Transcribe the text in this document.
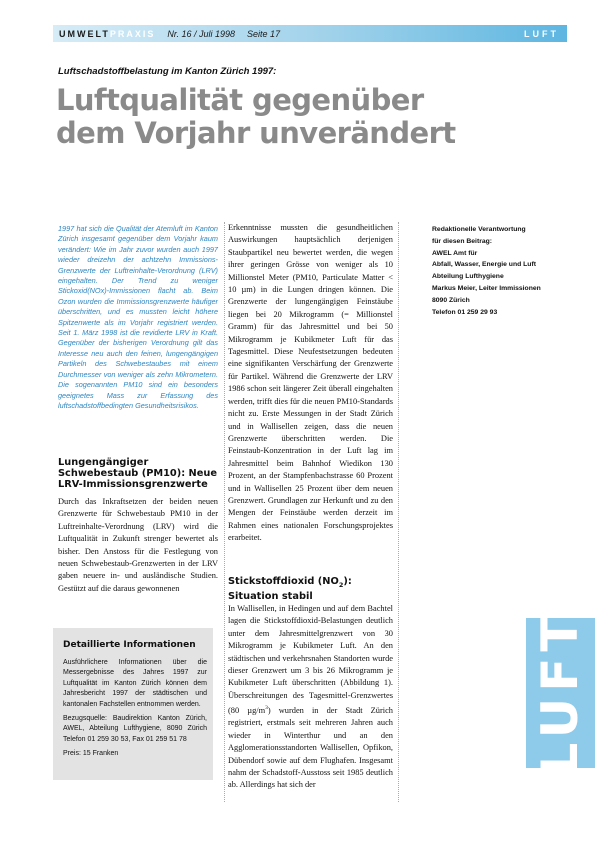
UMWELT PRAXIS Nr. 16 / Juli 1998 Seite 17	LUFT
Luftschadstoffbelastung im Kanton Zürich 1997:
Luftqualität gegenüber
dem Vorjahr unverändert
1997 hat sich die Qualität der Atemluft im Kanton Zürich insgesamt gegenüber dem Vorjahr kaum verändert: Wie im Jahr zuvor wurden auch 1997 wieder dreizehn der achtzehn Immissions-Grenzwerte der Luftreinhalte-Verordnung (LRV) eingehalten. Der Trend zu weniger Stickoxid(NOx)-Immissionen flacht ab. Beim Ozon wurden die Immissionsgrenzwerte häufiger überschritten, und es mussten leicht höhere Spitzenwerte als im Vorjahr registriert werden. Seit 1. März 1998 ist die revidierte LRV in Kraft. Gegenüber der bisherigen Verordnung gilt das Interesse neu auch den feinen, lungengängigen Partikeln des Schwebestaubes mit einem Durchmesser von weniger als zehn Mikrometern. Die sogenannten PM10 sind ein besonders geeignetes Mass zur Erfassung des luftschadstoffbedingten Gesundheitsrisikos.
Lungengängiger
Schwebestaub (PM10): Neue
LRV-Immissionsgrenzwerte
Durch das Inkraftsetzen der beiden neuen Grenzwerte für Schwebestaub PM10 in der Luftreinhalte-Verordnung (LRV) wird die Luftqualität in Zukunft strenger bewertet als bisher. Den Anstoss für die Festlegung von neuen Schwebestaub-Grenzwerten in der LRV gaben neuere in- und ausländische Studien. Gestützt auf die daraus gewonnenen
Detaillierte Informationen

Ausführlichere Informationen über die Messergebnisse des Jahres 1997 zur Luftqualität im Kanton Zürich können dem Jahresbericht 1997 der städtischen und kantonalen Fachstellen entnommen werden.

Bezugsquelle: Baudirektion Kanton Zürich, AWEL, Abteilung Lufthygiene, 8090 Zürich Telefon 01 259 30 53, Fax 01 259 51 78

Preis: 15 Franken

Erkenntnisse mussten die gesundheitlichen Auswirkungen hauptsächlich derjenigen Staubpartikel neu bewertet werden, die wegen ihrer geringen Grösse von weniger als 10 Millionstel Meter (PM10, Particulate Matter < 10 µm) in die Lungen dringen können. Die Grenzwerte der lungengängigen Feinstäube liegen bei 20 Mikrogramm (= Millionstel Gramm) für das Jahresmittel und bei 50 Mikrogramm je Kubikmeter Luft für das Tagesmittel. Diese Neufestsetzungen bedeuten eine signifikanten Verschärfung der Grenzwerte für Partikel. Während die Grenzwerte der LRV 1986 schon seit längerer Zeit überall eingehalten werden, trifft dies für die neuen PM10-Standards nicht zu. Erste Messungen in der Stadt Zürich und in Wallisellen zeigen, dass die neuen Grenzwerte überschritten werden. Die Feinstaub-Konzentration in der Luft lag im Jahresmittel beim Bahnhof Wiedikon 130 Prozent, an der Stampfenbachstrasse 60 Prozent und in Wallisellen 25 Prozent über dem neuen Grenzwert. Grundlagen zur Herkunft und zu den Mengen der Feinstäube werden derzeit im Rahmen eines nationalen Forschungsprojektes erarbeitet.
Stickstoffdioxid $(NO_2)$:
Situation stabil
In Wallisellen, in Hedingen und auf dem Bachtel lagen die Stickstoffdioxid-Belastungen deutlich unter dem Jahresmittelgrenzwert von 30 Mikrogramm je Kubikmeter Luft. An den städtischen und verkehrsnahen Standorten wurde dieser Grenzwert um 3 bis 26 Mikrogramm je Kubikmeter Luft überschritten (Abbildung 1). Überschreitungen des Tagesmittel-Grenzwertes (80 $\mu g/m^3$) wurden in der Stadt Zürich registriert, erstmals seit mehreren Jahren auch wieder in Winterthur und an den Agglomerationsstandorten Wallisellen, Opfikon, Dübendorf sowie auf dem Flughafen. Insgesamt nahm der Schadstoff-Ausstoss seit 1985 deutlich ab. Allerdings hat sich der
Redaktionelle Verantwortung
für diesen Beitrag:
AWEL Amt für
Abfall, Wasser, Energie und Luft
Abteilung Lufthygiene
Markus Meier, Leiter Immissionen
8090 Zürich
Telefon 01 259 29 93
LUFT
